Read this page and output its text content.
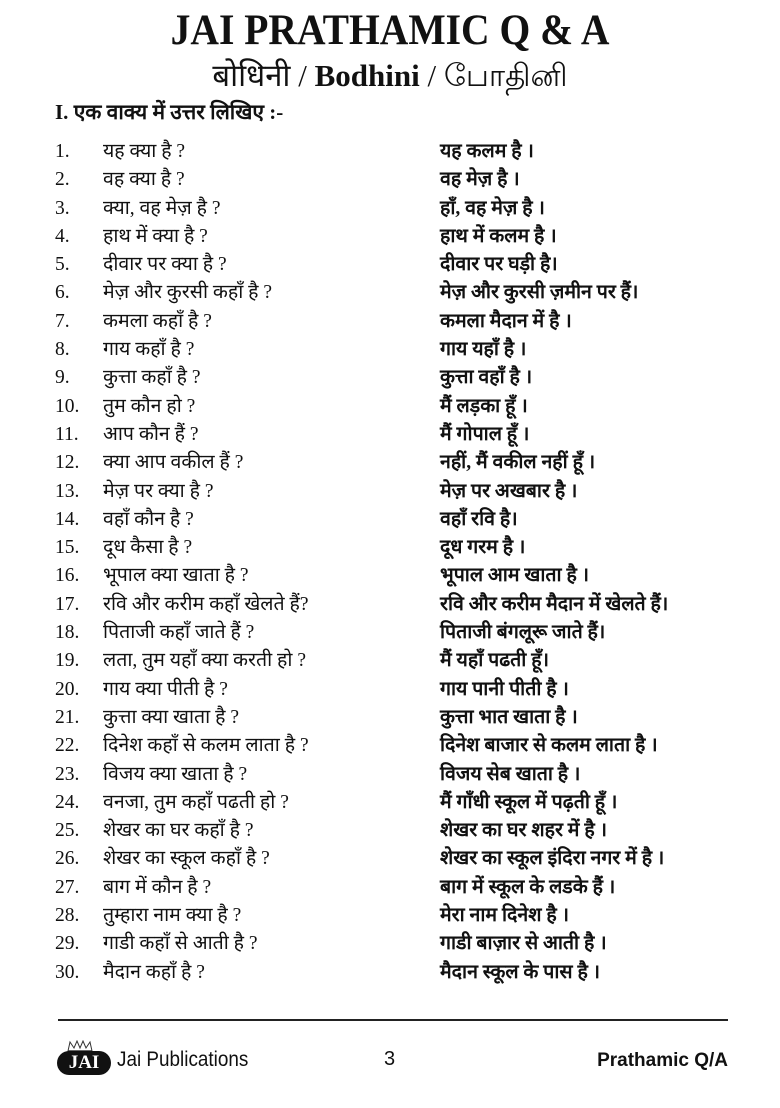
JAI PRATHAMIC Q & A
बोधिनी / Bodhini / போதினி
I. एक वाक्य में उत्तर लिखिए :-
1. यह क्या है ?	यह कलम है ।
2. वह क्या है ?	वह मेज़ है ।
3. क्या, वह मेज़ है ?	हाँ, वह मेज़ है ।
4. हाथ में क्या है ?	हाथ में कलम है ।
5. दीवार पर क्या है ?	दीवार पर घड़ी है।
6. मेज़ और कुरसी कहाँ है ?	मेज़ और कुरसी ज़मीन पर हैं।
7. कमला कहाँ है ?	कमला मैदान में है ।
8. गाय कहाँ है ?	गाय यहाँ है ।
9. कुत्ता कहाँ है ?	कुत्ता वहाँ है ।
10. तुम कौन हो ?	मैं लड़का हूँ ।
11. आप कौन हैं ?	मैं गोपाल हूँ ।
12. क्या आप वकील हैं ?	नहीं, मैं वकील नहीं हूँ ।
13. मेज़ पर क्या है ?	मेज़ पर अखबार है ।
14. वहाँ कौन है ?	वहाँ रवि है।
15. दूध कैसा है ?	दूध गरम है ।
16. भूपाल क्या खाता है ?	भूपाल आम खाता है ।
17. रवि और करीम कहाँ खेलते हैं?	रवि और करीम मैदान में खेलते हैं।
18. पिताजी कहाँ जाते हैं ?	पिताजी बंगलूरू जाते हैं।
19. लता, तुम यहाँ क्या करती हो ?	मैं यहाँ पढती हूँ।
20. गाय क्या पीती है ?	गाय पानी पीती है ।
21. कुत्ता क्या खाता है ?	कुत्ता भात खाता है ।
22. दिनेश कहाँ से कलम लाता है ?	दिनेश बाजार से कलम लाता है ।
23. विजय क्या खाता है ?	विजय सेब खाता है ।
24. वनजा, तुम कहाँ पढती हो ?	मैं गाँधी स्कूल में पढ़ती हूँ ।
25. शेखर का घर कहाँ है ?	शेखर का घर शहर में है ।
26. शेखर का स्कूल कहाँ है ?	शेखर का स्कूल इंदिरा नगर में है ।
27. बाग में कौन है ?	बाग में स्कूल के लडके हैं ।
28. तुम्हारा नाम क्या है ?	मेरा नाम दिनेश है ।
29. गाडी कहाँ से आती है ?	गाडी बाज़ार से आती है ।
30. मैदान कहाँ है ?	मैदान स्कूल के पास है ।
JAI Jai Publications	3	Prathamic Q/A
